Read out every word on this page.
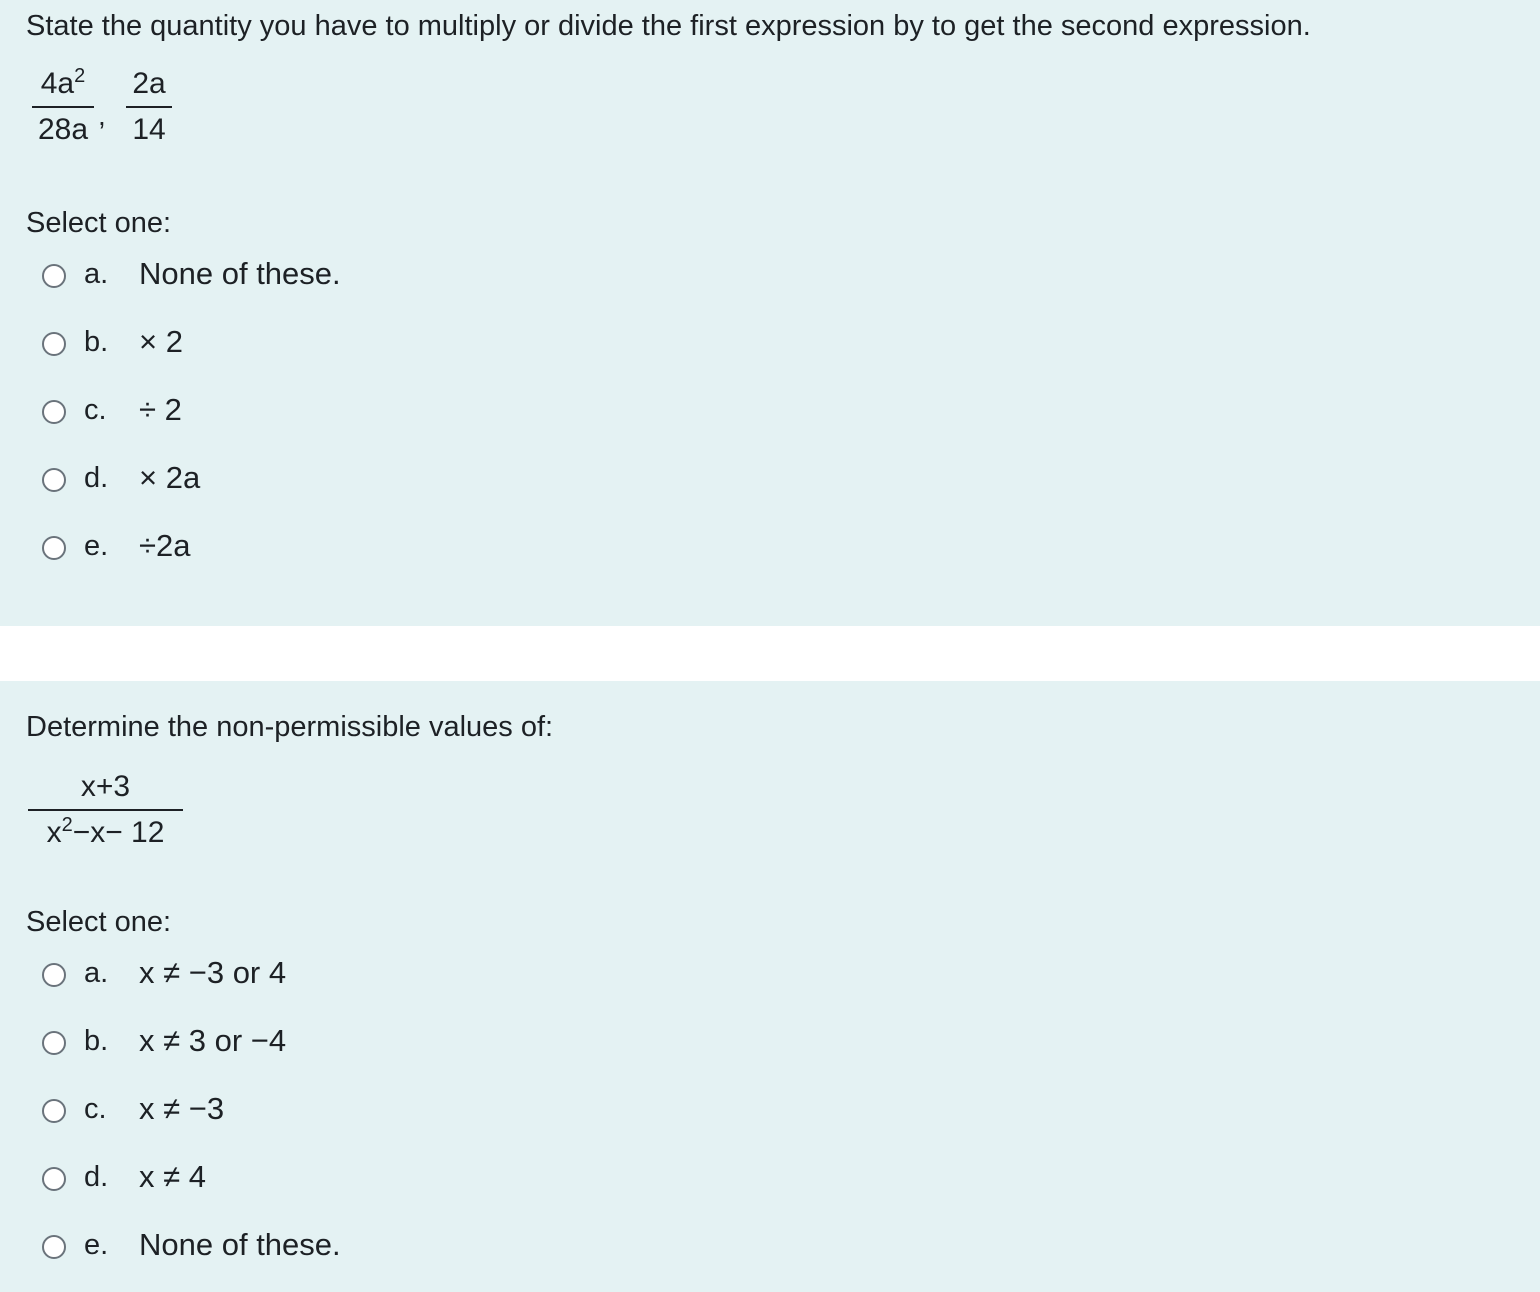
State the quantity you have to multiply or divide the first expression by to get the second expression.
$4a^2$
28a ,
2a
14
Select one:
a. None of these.
b. × 2
c. ÷ 2
d. × 2a
e. ÷2a
Determine the non-permissible values of:
x+3
$x^2-x- 12$
Select one:
a. x ≠ −3 or 4
b. x ≠ 3 or −4
c. x ≠ −3
d. x ≠ 4
e. None of these.
